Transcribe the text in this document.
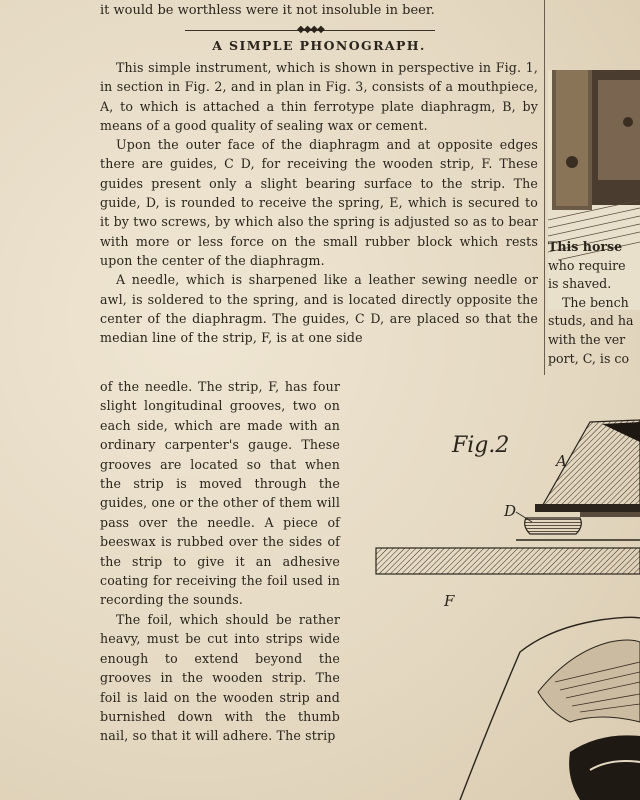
it would be worthless were it not insoluble in beer.
◆◆◆◆
A SIMPLE PHONOGRAPH.

This simple instrument, which is shown in perspective in Fig. 1, in section in Fig. 2, and in plan in Fig. 3, consists of a mouthpiece, A, to which is attached a thin ferrotype plate diaphragm, B, by means of a good quality of sealing wax or cement.

Upon the outer face of the diaphragm and at opposite edges there are guides, C D, for receiving the wooden strip, F. These guides present only a slight bearing surface to the strip. The guide, D, is rounded to receive the spring, E, which is secured to it by two screws, by which also the spring is adjusted so as to bear with more or less force on the small rubber block which rests upon the center of the diaphragm.

A needle, which is sharpened like a leather sewing needle or awl, is soldered to the spring, and is located directly opposite the center of the diaphragm. The guides, C D, are placed so that the median line of the strip, F, is at one side

of the needle. The strip, F, has four slight longitudinal grooves, two on each side, which are made with an ordinary carpenter's gauge. These grooves are located so that when the strip is moved through the guides, one or the other of them will pass over the needle. A piece of beeswax is rubbed over the sides of the strip to give it an adhesive coating for receiving the foil used in recording the sounds.

The foil, which should be rather heavy, must be cut into strips wide enough to extend beyond the grooves in the wooden strip. The foil is laid on the wooden strip and burnished down with the thumb nail, so that it will adhere. The strip

This horse
who require
is shaved.
The bench
studs, and ha
with the ver
port, C, is co
Fig.2
A
D
F
